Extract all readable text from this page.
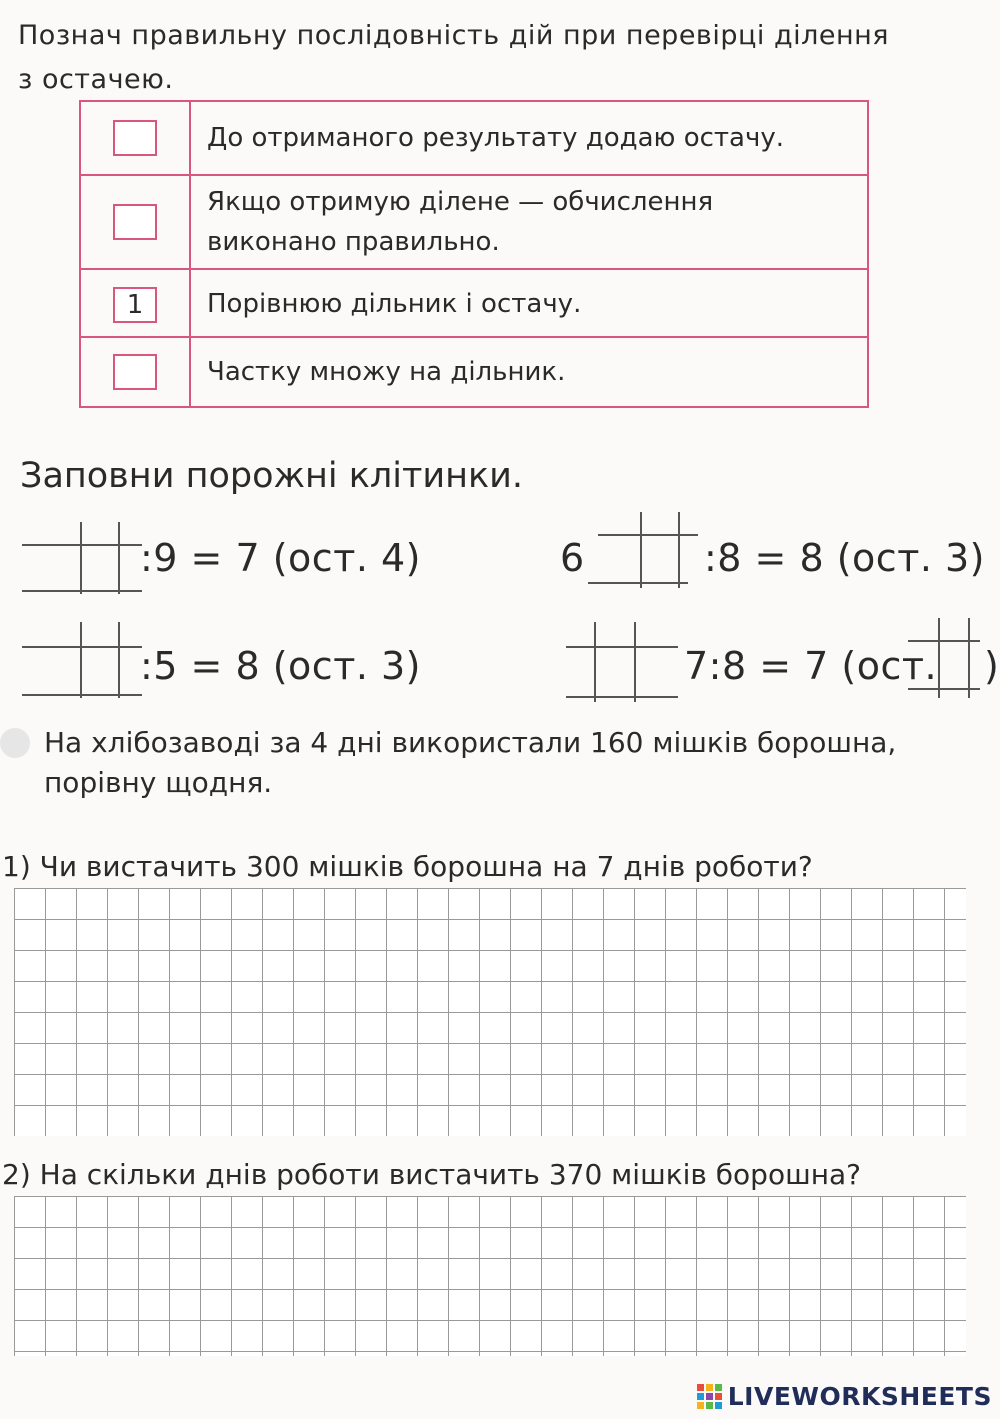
Познач правильну послідовність дій при перевірці ділення
з остачею.
До отриманого результату додаю остачу.
Якщо отримую ділене — обчислення
виконано правильно.
1	Порівнюю дільник і остачу.
Частку множу на дільник.
Заповни порожні клітинки.
:9 = 7 (ост. 4)	6	:8 = 8 (ост. 3)
:5 = 8 (ост. 3)	7:8 = 7 (ост. )
На хлібозаводі за 4 дні використали 160 мішків борошна,
порівну щодня.
1) Чи вистачить 300 мішків борошна на 7 днів роботи?
2) На скільки днів роботи вистачить 370 мішків борошна?
LIVEWORKSHEETS
